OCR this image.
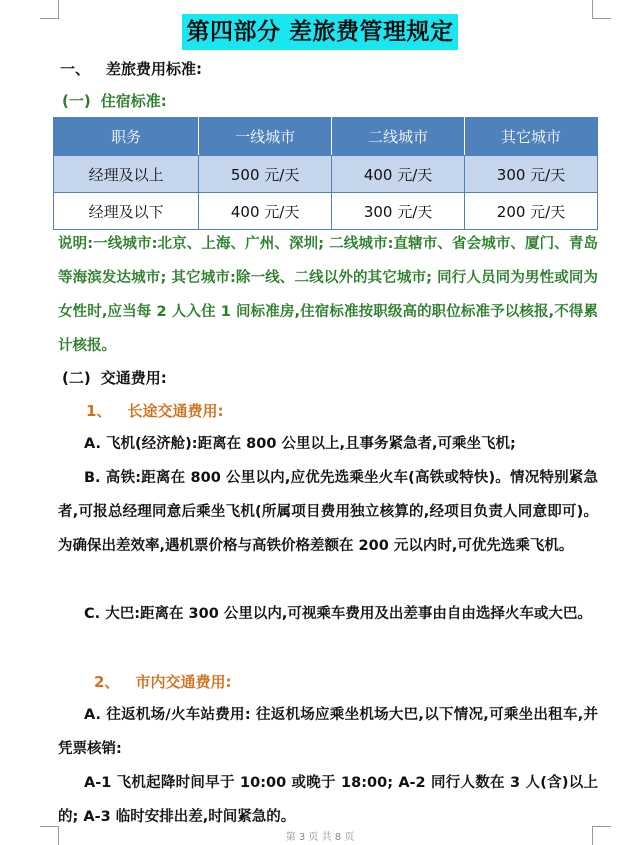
第四部分 差旅费管理规定
一、 差旅费用标准:
(一) 住宿标准:
职务	一线城市	二线城市	其它城市
经理及以上	500 元/天	400 元/天	300 元/天
经理及以下	400 元/天	300 元/天	200 元/天
说明:一线城市:北京、上海、广州、深圳; 二线城市:直辖市、省会城市、厦门、青岛等海滨发达城市; 其它城市:除一线、二线以外的其它城市; 同行人员同为男性或同为女性时,应当每 2 人入住 1 间标准房,住宿标准按职级高的职位标准予以核报,不得累计核报。
(二) 交通费用:
1、 长途交通费用:
A. 飞机(经济舱):距离在 800 公里以上,且事务紧急者,可乘坐飞机;
B. 高铁:距离在 800 公里以内,应优先选乘坐火车(高铁或特快)。情况特别紧急者,可报总经理同意后乘坐飞机(所属项目费用独立核算的,经项目负责人同意即可)。为确保出差效率,遇机票价格与高铁价格差额在 200 元以内时,可优先选乘飞机。
C. 大巴:距离在 300 公里以内,可视乘车费用及出差事由自由选择火车或大巴。
2、 市内交通费用:
A. 往返机场/火车站费用: 往返机场应乘坐机场大巴,以下情况,可乘坐出租车,并凭票核销:
A-1 飞机起降时间早于 10:00 或晚于 18:00; A-2 同行人数在 3 人(含)以上的; A-3 临时安排出差,时间紧急的。
第 3 页 共 8 页
